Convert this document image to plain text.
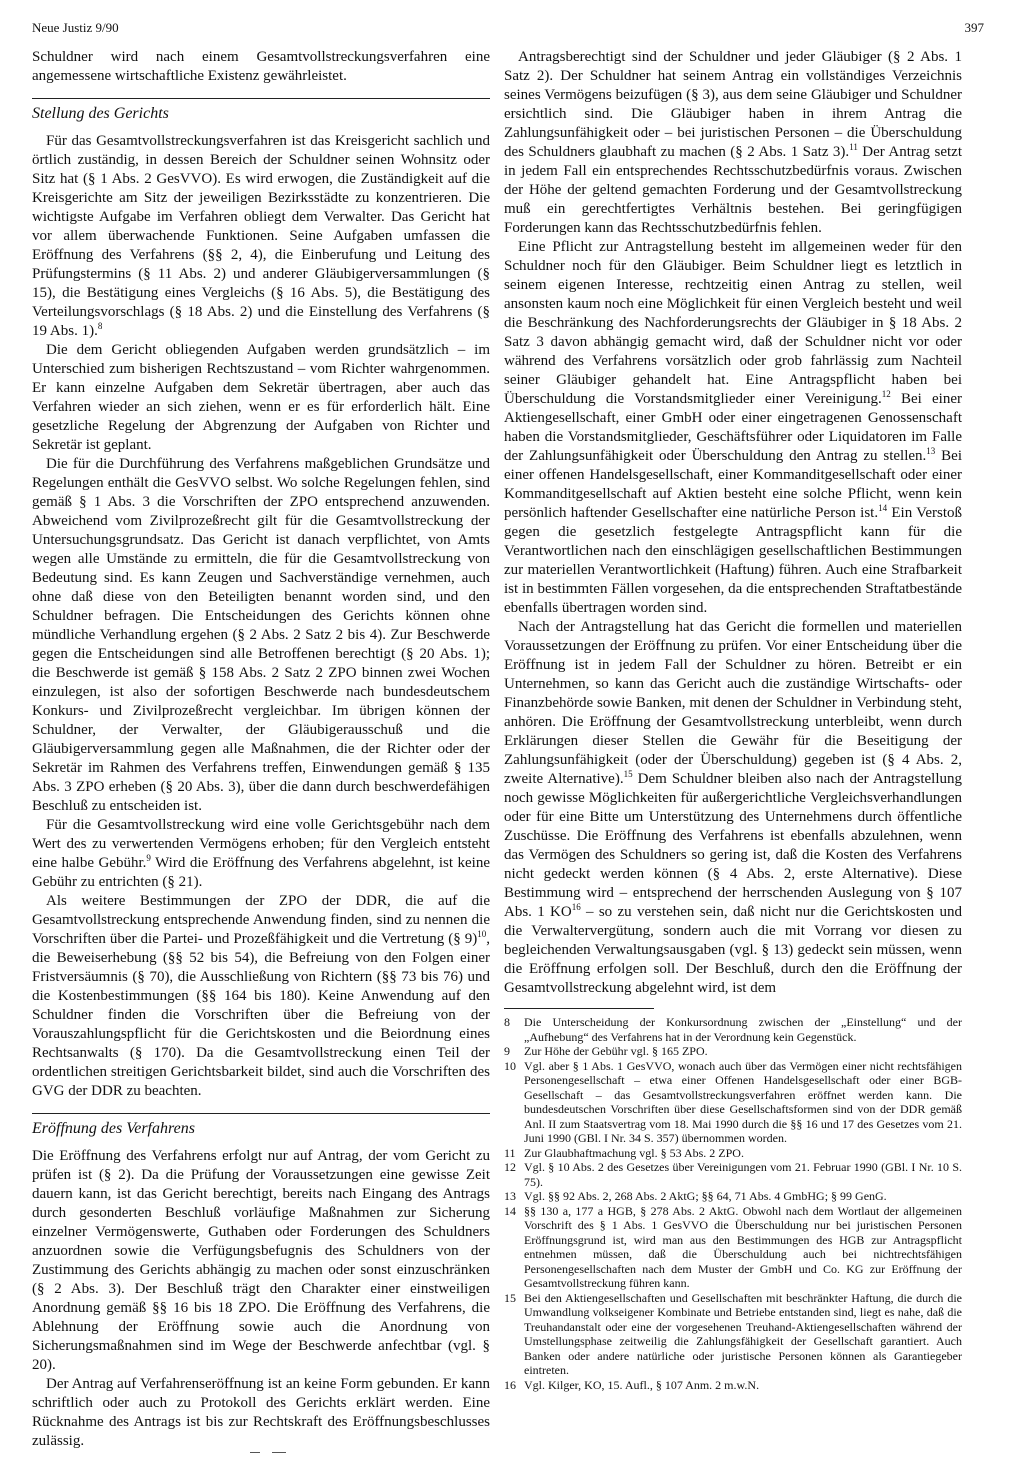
Neue Justiz 9/90	397

Schuldner wird nach einem Gesamtvollstreckungsverfahren eine angemessene wirtschaftliche Existenz gewährleistet.

Stellung des Gerichts

Für das Gesamtvollstreckungsverfahren ist das Kreisgericht sachlich und örtlich zuständig, in dessen Bereich der Schuldner seinen Wohnsitz oder Sitz hat (§ 1 Abs. 2 GesVVO). Es wird erwogen, die Zuständigkeit auf die Kreisgerichte am Sitz der jeweiligen Bezirksstädte zu konzentrieren. Die wichtigste Aufgabe im Verfahren obliegt dem Verwalter. Das Gericht hat vor allem überwachende Funktionen. Seine Aufgaben umfassen die Eröffnung des Verfahrens (§§ 2, 4), die Einberufung und Leitung des Prüfungstermins (§ 11 Abs. 2) und anderer Gläubigerversammlungen (§ 15), die Bestätigung eines Vergleichs (§ 16 Abs. 5), die Bestätigung des Verteilungsvorschlags (§ 18 Abs. 2) und die Einstellung des Verfahrens (§ 19 Abs. 1).$^8$

Die dem Gericht obliegenden Aufgaben werden grundsätzlich – im Unterschied zum bisherigen Rechtszustand – vom Richter wahrgenommen. Er kann einzelne Aufgaben dem Sekretär übertragen, aber auch das Verfahren wieder an sich ziehen, wenn er es für erforderlich hält. Eine gesetzliche Regelung der Abgrenzung der Aufgaben von Richter und Sekretär ist geplant.

Die für die Durchführung des Verfahrens maßgeblichen Grundsätze und Regelungen enthält die GesVVO selbst. Wo solche Regelungen fehlen, sind gemäß § 1 Abs. 3 die Vorschriften der ZPO entsprechend anzuwenden. Abweichend vom Zivilprozeßrecht gilt für die Gesamtvollstreckung der Untersuchungsgrundsatz. Das Gericht ist danach verpflichtet, von Amts wegen alle Umstände zu ermitteln, die für die Gesamtvollstreckung von Bedeutung sind. Es kann Zeugen und Sachverständige vernehmen, auch ohne daß diese von den Beteiligten benannt worden sind, und den Schuldner befragen. Die Entscheidungen des Gerichts können ohne mündliche Verhandlung ergehen (§ 2 Abs. 2 Satz 2 bis 4). Zur Beschwerde gegen die Entscheidungen sind alle Betroffenen berechtigt (§ 20 Abs. 1); die Beschwerde ist gemäß § 158 Abs. 2 Satz 2 ZPO binnen zwei Wochen einzulegen, ist also der sofortigen Beschwerde nach bundesdeutschem Konkurs- und Zivilprozeßrecht vergleichbar. Im übrigen können der Schuldner, der Verwalter, der Gläubigerausschuß und die Gläubigerversammlung gegen alle Maßnahmen, die der Richter oder der Sekretär im Rahmen des Verfahrens treffen, Einwendungen gemäß § 135 Abs. 3 ZPO erheben (§ 20 Abs. 3), über die dann durch beschwerdefähigen Beschluß zu entscheiden ist.

Für die Gesamtvollstreckung wird eine volle Gerichtsgebühr nach dem Wert des zu verwertenden Vermögens erhoben; für den Vergleich entsteht eine halbe Gebühr.$^9$ Wird die Eröffnung des Verfahrens abgelehnt, ist keine Gebühr zu entrichten (§ 21).

Als weitere Bestimmungen der ZPO der DDR, die auf die Gesamtvollstreckung entsprechende Anwendung finden, sind zu nennen die Vorschriften über die Partei- und Prozeßfähigkeit und die Vertretung (§ 9)$^{10}$, die Beweiserhebung (§§ 52 bis 54), die Befreiung von den Folgen einer Fristversäumnis (§ 70), die Ausschließung von Richtern (§§ 73 bis 76) und die Kostenbestimmungen (§§ 164 bis 180). Keine Anwendung auf den Schuldner finden die Vorschriften über die Befreiung von der Vorauszahlungspflicht für die Gerichtskosten und die Beiordnung eines Rechtsanwalts (§ 170). Da die Gesamtvollstreckung einen Teil der ordentlichen streitigen Gerichtsbarkeit bildet, sind auch die Vorschriften des GVG der DDR zu beachten.

Eröffnung des Verfahrens

Die Eröffnung des Verfahrens erfolgt nur auf Antrag, der vom Gericht zu prüfen ist (§ 2). Da die Prüfung der Voraussetzungen eine gewisse Zeit dauern kann, ist das Gericht berechtigt, bereits nach Eingang des Antrags durch gesonderten Beschluß vorläufige Maßnahmen zur Sicherung einzelner Vermögenswerte, Guthaben oder Forderungen des Schuldners anzuordnen sowie die Verfügungsbefugnis des Schuldners von der Zustimmung des Gerichts abhängig zu machen oder sonst einzuschränken (§ 2 Abs. 3). Der Beschluß trägt den Charakter einer einstweiligen Anordnung gemäß §§ 16 bis 18 ZPO. Die Eröffnung des Verfahrens, die Ablehnung der Eröffnung sowie auch die Anordnung von Sicherungsmaßnahmen sind im Wege der Beschwerde anfechtbar (vgl. § 20).

Der Antrag auf Verfahrenseröffnung ist an keine Form gebunden. Er kann schriftlich oder auch zu Protokoll des Gerichts erklärt werden. Eine Rücknahme des Antrags ist bis zur Rechtskraft des Eröffnungsbeschlusses zulässig.

Antragsberechtigt sind der Schuldner und jeder Gläubiger (§ 2 Abs. 1 Satz 2). Der Schuldner hat seinem Antrag ein vollständiges Verzeichnis seines Vermögens beizufügen (§ 3), aus dem seine Gläubiger und Schuldner ersichtlich sind. Die Gläubiger haben in ihrem Antrag die Zahlungsunfähigkeit oder – bei juristischen Personen – die Überschuldung des Schuldners glaubhaft zu machen (§ 2 Abs. 1 Satz 3).$^{11}$ Der Antrag setzt in jedem Fall ein entsprechendes Rechtsschutzbedürfnis voraus. Zwischen der Höhe der geltend gemachten Forderung und der Gesamtvollstreckung muß ein gerechtfertigtes Verhältnis bestehen. Bei geringfügigen Forderungen kann das Rechtsschutzbedürfnis fehlen.

Eine Pflicht zur Antragstellung besteht im allgemeinen weder für den Schuldner noch für den Gläubiger. Beim Schuldner liegt es letztlich in seinem eigenen Interesse, rechtzeitig einen Antrag zu stellen, weil ansonsten kaum noch eine Möglichkeit für einen Vergleich besteht und weil die Beschränkung des Nachforderungsrechts der Gläubiger in § 18 Abs. 2 Satz 3 davon abhängig gemacht wird, daß der Schuldner nicht vor oder während des Verfahrens vorsätzlich oder grob fahrlässig zum Nachteil seiner Gläubiger gehandelt hat. Eine Antragspflicht haben bei Überschuldung die Vorstandsmitglieder einer Vereinigung.$^{12}$ Bei einer Aktiengesellschaft, einer GmbH oder einer eingetragenen Genossenschaft haben die Vorstandsmitglieder, Geschäftsführer oder Liquidatoren im Falle der Zahlungsunfähigkeit oder Überschuldung den Antrag zu stellen.$^{13}$ Bei einer offenen Handelsgesellschaft, einer Kommanditgesellschaft oder einer Kommanditgesellschaft auf Aktien besteht eine solche Pflicht, wenn kein persönlich haftender Gesellschafter eine natürliche Person ist.$^{14}$ Ein Verstoß gegen die gesetzlich festgelegte Antragspflicht kann für die Verantwortlichen nach den einschlägigen gesellschaftlichen Bestimmungen zur materiellen Verantwortlichkeit (Haftung) führen. Auch eine Strafbarkeit ist in bestimmten Fällen vorgesehen, da die entsprechenden Straftatbestände ebenfalls übertragen worden sind.

Nach der Antragstellung hat das Gericht die formellen und materiellen Voraussetzungen der Eröffnung zu prüfen. Vor einer Entscheidung über die Eröffnung ist in jedem Fall der Schuldner zu hören. Betreibt er ein Unternehmen, so kann das Gericht auch die zuständige Wirtschafts- oder Finanzbehörde sowie Banken, mit denen der Schuldner in Verbindung steht, anhören. Die Eröffnung der Gesamtvollstreckung unterbleibt, wenn durch Erklärungen dieser Stellen die Gewähr für die Beseitigung der Zahlungsunfähigkeit (oder der Überschuldung) gegeben ist (§ 4 Abs. 2, zweite Alternative).$^{15}$ Dem Schuldner bleiben also nach der Antragstellung noch gewisse Möglichkeiten für außergerichtliche Vergleichsverhandlungen oder für eine Bitte um Unterstützung des Unternehmens durch öffentliche Zuschüsse. Die Eröffnung des Verfahrens ist ebenfalls abzulehnen, wenn das Vermögen des Schuldners so gering ist, daß die Kosten des Verfahrens nicht gedeckt werden können (§ 4 Abs. 2, erste Alternative). Diese Bestimmung wird – entsprechend der herrschenden Auslegung von § 107 Abs. 1 KO$^{16}$ – so zu verstehen sein, daß nicht nur die Gerichtskosten und die Verwaltervergütung, sondern auch die mit Vorrang vor diesen zu begleichenden Verwaltungsausgaben (vgl. § 13) gedeckt sein müssen, wenn die Eröffnung erfolgen soll. Der Beschluß, durch den die Eröffnung der Gesamtvollstreckung abgelehnt wird, ist dem

8	Die Unterscheidung der Konkursordnung zwischen der „Einstellung“ und der „Aufhebung“ des Verfahrens hat in der Verordnung kein Gegenstück.
9	Zur Höhe der Gebühr vgl. § 165 ZPO.
10 Vgl. aber § 1 Abs. 1 GesVVO, wonach auch über das Vermögen einer nicht rechtsfähigen Personengesellschaft – etwa einer Offenen Handelsgesellschaft oder einer BGB-Gesellschaft – das Gesamtvollstreckungsverfahren eröffnet werden kann. Die bundesdeutschen Vorschriften über diese Gesellschaftsformen sind von der DDR gemäß Anl. II zum Staatsvertrag vom 18. Mai 1990 durch die §§ 16 und 17 des Gesetzes vom 21. Juni 1990 (GBl. I Nr. 34 S. 357) übernommen worden.
11 Zur Glaubhaftmachung vgl. § 53 Abs. 2 ZPO.
12 Vgl. § 10 Abs. 2 des Gesetzes über Vereinigungen vom 21. Februar 1990 (GBl. I Nr. 10 S. 75).
13 Vgl. §§ 92 Abs. 2, 268 Abs. 2 AktG; §§ 64, 71 Abs. 4 GmbHG; § 99 GenG.
14 §§ 130 a, 177 a HGB, § 278 Abs. 2 AktG. Obwohl nach dem Wortlaut der allgemeinen Vorschrift des § 1 Abs. 1 GesVVO die Überschuldung nur bei juristischen Personen Eröffnungsgrund ist, wird man aus den Bestimmungen des HGB zur Antragspflicht entnehmen müssen, daß die Überschuldung auch bei nichtrechtsfähigen Personengesellschaften nach dem Muster der GmbH und Co. KG zur Eröffnung der Gesamtvollstreckung führen kann.
15 Bei den Aktiengesellschaften und Gesellschaften mit beschränkter Haftung, die durch die Umwandlung volkseigener Kombinate und Betriebe entstanden sind, liegt es nahe, daß die Treuhandanstalt oder eine der vorgesehenen Treuhand-Aktiengesellschaften während der Umstellungsphase zeitweilig die Zahlungsfähigkeit der Gesellschaft garantiert. Auch Banken oder andere natürliche oder juristische Personen können als Garantiegeber eintreten.
16 Vgl. Kilger, KO, 15. Aufl., § 107 Anm. 2 m.w.N.
